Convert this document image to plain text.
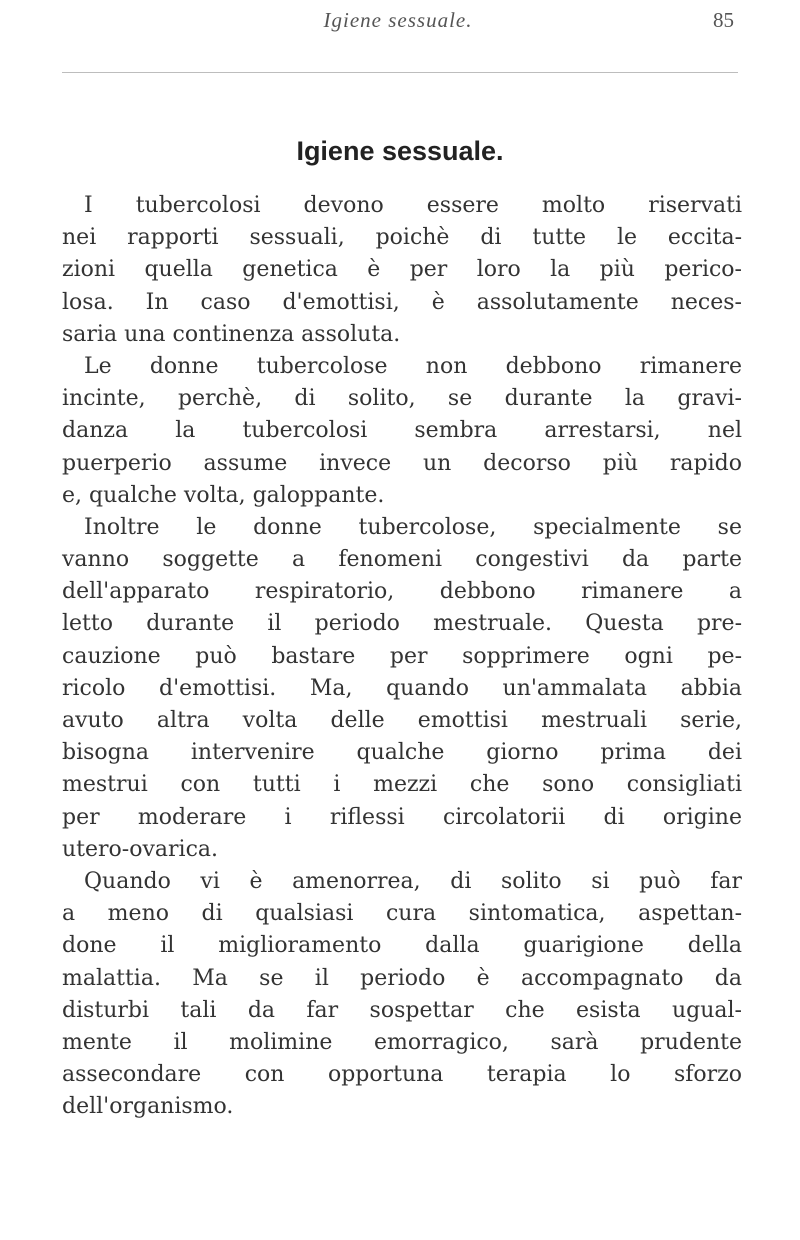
Igiene sessuale.	85
Igiene sessuale.
I tubercolosi devono essere molto riservati
nei rapporti sessuali, poichè di tutte le eccita-
zioni quella genetica è per loro la più perico-
losa. In caso d'emottisi, è assolutamente neces-
saria una continenza assoluta.
Le donne tubercolose non debbono rimanere
incinte, perchè, di solito, se durante la gravi-
danza la tubercolosi sembra arrestarsi, nel
puerperio assume invece un decorso più rapido
e, qualche volta, galoppante.
Inoltre le donne tubercolose, specialmente se
vanno soggette a fenomeni congestivi da parte
dell'apparato respiratorio, debbono rimanere a
letto durante il periodo mestruale. Questa pre-
cauzione può bastare per sopprimere ogni pe-
ricolo d'emottisi. Ma, quando un'ammalata abbia
avuto altra volta delle emottisi mestruali serie,
bisogna intervenire qualche giorno prima dei
mestrui con tutti i mezzi che sono consigliati
per moderare i riflessi circolatorii di origine
utero-ovarica.
Quando vi è amenorrea, di solito si può far
a meno di qualsiasi cura sintomatica, aspettan-
done il miglioramento dalla guarigione della
malattia. Ma se il periodo è accompagnato da
disturbi tali da far sospettar che esista ugual-
mente il molimine emorragico, sarà prudente
assecondare con opportuna terapia lo sforzo
dell'organismo.
